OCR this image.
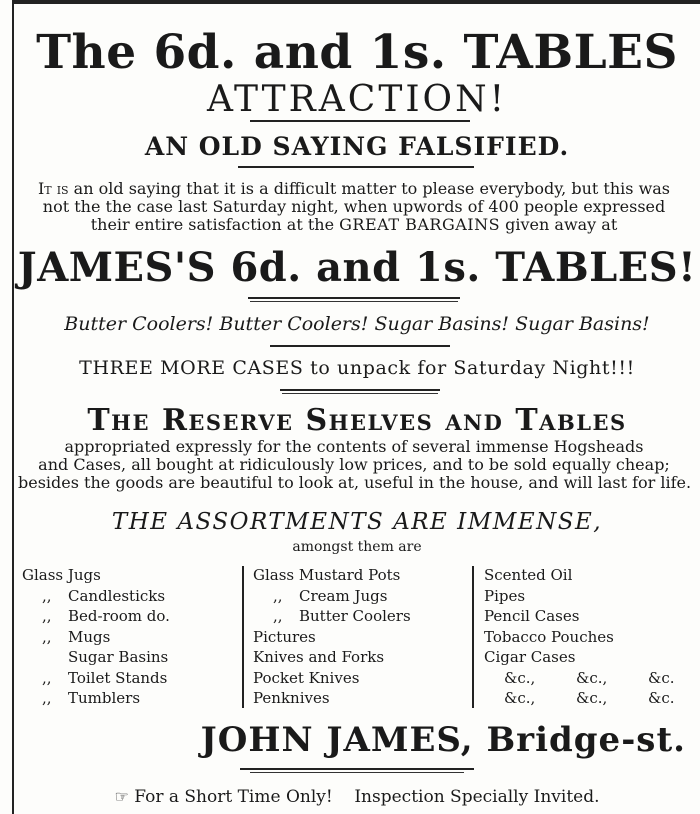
The 6d. and 1s. TABLES
ATTRACTION!
AN OLD SAYING FALSIFIED.
It is an old saying that it is a difficult matter to please everybody, but this was
not the the case last Saturday night, when upwords of 400 people expressed
their entire satisfaction at the GREAT BARGAINS given away at
JAMES'S 6d. and 1s. TABLES!
Butter Coolers! Butter Coolers! Sugar Basins! Sugar Basins!
THREE MORE CASES to unpack for Saturday Night!!!
The Reserve Shelves and Tables
appropriated expressly for the contents of several immense Hogsheads
and Cases, all bought at ridiculously low prices, and to be sold equally cheap;
besides the goods are beautiful to look at, useful in the house, and will last for life.
THE ASSORTMENTS ARE IMMENSE,
amongst them are
Glass Jugs
,, Candlesticks
,, Bed-room do.
,, Mugs
Sugar Basins
,, Toilet Stands
,, Tumblers
Glass Mustard Pots
,, Cream Jugs
,, Butter Coolers
Pictures
Knives and Forks
Pocket Knives
Penknives
Scented Oil
Pipes
Pencil Cases
Tobacco Pouches
Cigar Cases
&c.,	&c.,	&c.
&c.,	&c.,	&c.
JOHN JAMES, Bridge-st.
☞ For a Short Time Only! Inspection Specially Invited.
